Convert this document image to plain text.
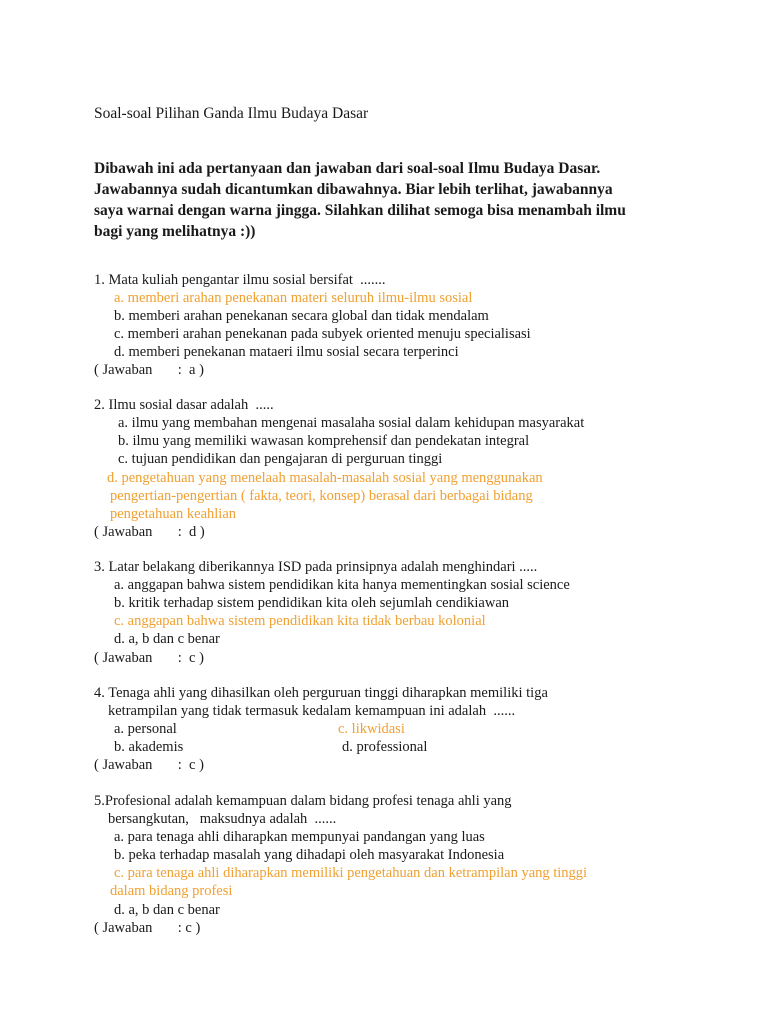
Soal-soal Pilihan Ganda Ilmu Budaya Dasar
Dibawah ini ada pertanyaan dan jawaban dari soal-soal Ilmu Budaya Dasar.
Jawabannya sudah dicantumkan dibawahnya. Biar lebih terlihat, jawabannya
saya warnai dengan warna jingga. Silahkan dilihat semoga bisa menambah ilmu
bagi yang melihatnya :))
1. Mata kuliah pengantar ilmu sosial bersifat  .......
a. memberi arahan penekanan materi seluruh ilmu-ilmu sosial
b. memberi arahan penekanan secara global dan tidak mendalam
c. memberi arahan penekanan pada subyek oriented menuju specialisasi
d. memberi penekanan mataeri ilmu sosial secara terperinci
( Jawaban       :  a )
2. Ilmu sosial dasar adalah  .....
a. ilmu yang membahan mengenai masalaha sosial dalam kehidupan masyarakat
b. ilmu yang memiliki wawasan komprehensif dan pendekatan integral
c. tujuan pendidikan dan pengajaran di perguruan tinggi
d. pengetahuan yang menelaah masalah-masalah sosial yang menggunakan
pengertian-pengertian ( fakta, teori, konsep) berasal dari berbagai bidang
pengetahuan keahlian
( Jawaban       :  d )
3. Latar belakang diberikannya ISD pada prinsipnya adalah menghindari .....
a. anggapan bahwa sistem pendidikan kita hanya mementingkan sosial science
b. kritik terhadap sistem pendidikan kita oleh sejumlah cendikiawan
c. anggapan bahwa sistem pendidikan kita tidak berbau kolonial
d. a, b dan c benar
( Jawaban       :  c )
4. Tenaga ahli yang dihasilkan oleh perguruan tinggi diharapkan memiliki tiga
ketrampilan yang tidak termasuk kedalam kemampuan ini adalah  ......
a. personal	c. likwidasi
b. akademis	d. professional
( Jawaban       :  c )
5.Profesional adalah kemampuan dalam bidang profesi tenaga ahli yang
bersangkutan,   maksudnya adalah  ......
a. para tenaga ahli diharapkan mempunyai pandangan yang luas
b. peka terhadap masalah yang dihadapi oleh masyarakat Indonesia
c. para tenaga ahli diharapkan memiliki pengetahuan dan ketrampilan yang tinggi
dalam bidang profesi
d. a, b dan c benar
( Jawaban       : c )
